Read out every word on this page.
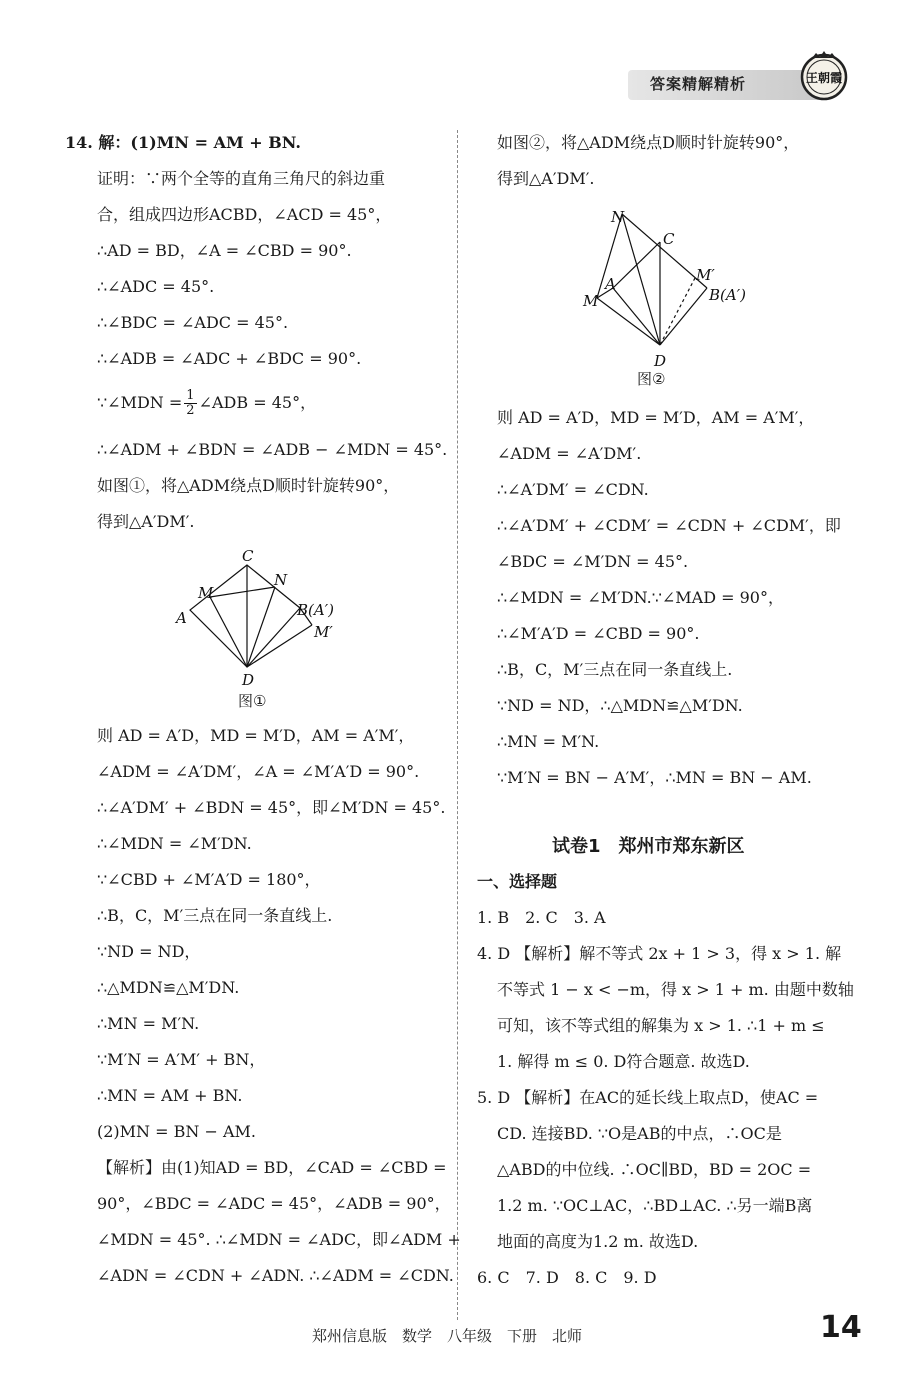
答案精解精析	王朝霞
14. 解：(1)MN = AM + BN.
证明：∵两个全等的直角三角尺的斜边重
合，组成四边形ACBD，∠ACD = 45°，
∴AD = BD，∠A = ∠CBD = 90°.
∴∠ADC = 45°.
∴∠BDC = ∠ADC = 45°.
∴∠ADB = ∠ADC + ∠BDC = 90°.
∵∠MDN = $\frac{1}{2}$ ∠ADB = 45°，
∴∠ADM + ∠BDN = ∠ADB − ∠MDN = 45°.
如图①，将△ADM绕点D顺时针旋转90°，
得到△A′DM′.
C
M
N
A	B(A′)
M′
D
图①
则 AD = A′D，MD = M′D，AM = A′M′，
∠ADM = ∠A′DM′，∠A = ∠M′A′D = 90°.
∴∠A′DM′ + ∠BDN = 45°，即∠M′DN = 45°.
∴∠MDN = ∠M′DN.
∵∠CBD + ∠M′A′D = 180°，
∴B，C，M′三点在同一条直线上.
∵ND = ND，
∴△MDN≌△M′DN.
∴MN = M′N.
∵M′N = A′M′ + BN，
∴MN = AM + BN.
(2)MN = BN − AM.
【解析】由(1)知AD = BD，∠CAD = ∠CBD =
90°，∠BDC = ∠ADC = 45°，∠ADB = 90°，
∠MDN = 45°. ∴∠MDN = ∠ADC，即∠ADM +
∠ADN = ∠CDN + ∠ADN. ∴∠ADM = ∠CDN.
如图②，将△ADM绕点D顺时针旋转90°，
得到△A′DM′.
N
C
M′
A
M	B(A′)
D
图②
则 AD = A′D，MD = M′D，AM = A′M′，
∠ADM = ∠A′DM′.
∴∠A′DM′ = ∠CDN.
∴∠A′DM′ + ∠CDM′ = ∠CDN + ∠CDM′，即
∠BDC = ∠M′DN = 45°.
∴∠MDN = ∠M′DN.∵∠MAD = 90°，
∴∠M′A′D = ∠CBD = 90°.
∴B，C，M′三点在同一条直线上.
∵ND = ND，∴△MDN≌△M′DN.
∴MN = M′N.
∵M′N = BN − A′M′，∴MN = BN − AM.
试卷1　郑州市郑东新区
一、选择题
1. B　2. C　3. A
4. D 【解析】解不等式 2x + 1 > 3，得 x > 1. 解
不等式 1 − x < −m，得 x > 1 + m. 由题中数轴
可知，该不等式组的解集为 x > 1. ∴1 + m ≤
1. 解得 m ≤ 0. D符合题意. 故选D.
5. D 【解析】在AC的延长线上取点D，使AC =
CD. 连接BD. ∵O是AB的中点，∴OC是
△ABD的中位线. ∴OC∥BD，BD = 2OC =
1.2 m. ∵OC⊥AC，∴BD⊥AC. ∴另一端B离
地面的高度为1.2 m. 故选D.
6. C　7. D　8. C　9. D
郑州信息版　数学　八年级　下册　北师	14
